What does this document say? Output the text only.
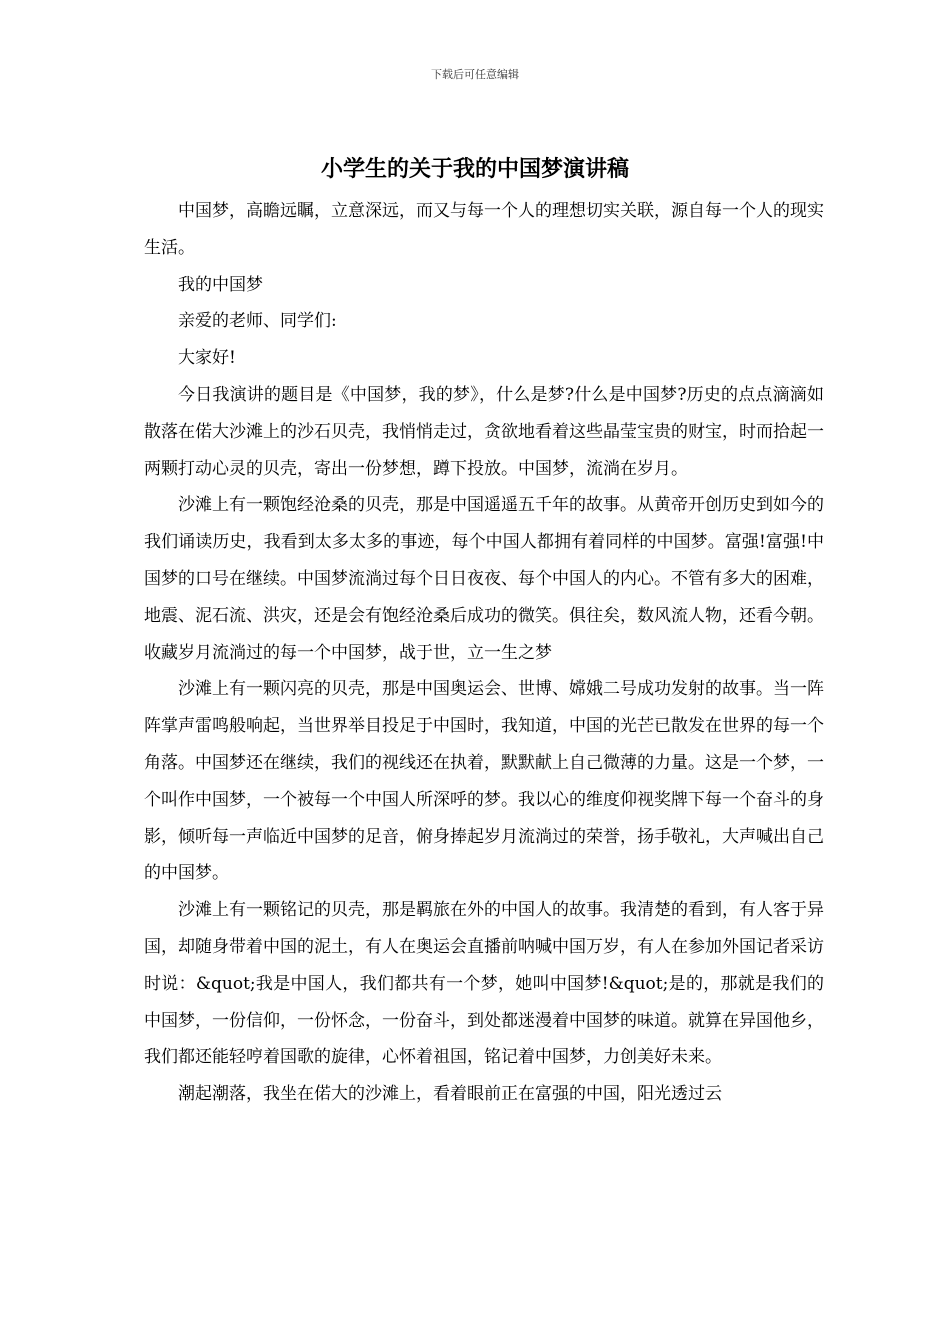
下载后可任意编辑
小学生的关于我的中国梦演讲稿

中国梦，高瞻远瞩，立意深远，而又与每一个人的理想切实关联，源自每一个人的现实生活。

我的中国梦

亲爱的老师、同学们:

大家好!

今日我演讲的题目是《中国梦，我的梦》，什么是梦?什么是中国梦?历史的点点滴滴如散落在偌大沙滩上的沙石贝壳，我悄悄走过，贪欲地看着这些晶莹宝贵的财宝，时而拾起一两颗打动心灵的贝壳，寄出一份梦想，蹲下投放。中国梦，流淌在岁月。

沙滩上有一颗饱经沧桑的贝壳，那是中国遥遥五千年的故事。从黄帝开创历史到如今的我们诵读历史，我看到太多太多的事迹，每个中国人都拥有着同样的中国梦。富强!富强!中国梦的口号在继续。中国梦流淌过每个日日夜夜、每个中国人的内心。不管有多大的困难，地震、泥石流、洪灾，还是会有饱经沧桑后成功的微笑。俱往矣，数风流人物，还看今朝。收藏岁月流淌过的每一个中国梦，战于世，立一生之梦

沙滩上有一颗闪亮的贝壳，那是中国奥运会、世博、嫦娥二号成功发射的故事。当一阵阵掌声雷鸣般响起，当世界举目投足于中国时，我知道，中国的光芒已散发在世界的每一个角落。中国梦还在继续，我们的视线还在执着，默默献上自己微薄的力量。这是一个梦，一个叫作中国梦，一个被每一个中国人所深呼的梦。我以心的维度仰视奖牌下每一个奋斗的身影，倾听每一声临近中国梦的足音，俯身捧起岁月流淌过的荣誉，扬手敬礼，大声喊出自己的中国梦。

沙滩上有一颗铭记的贝壳，那是羁旅在外的中国人的故事。我清楚的看到，有人客于异国，却随身带着中国的泥土，有人在奥运会直播前呐喊中国万岁，有人在参加外国记者采访时说：&quot;我是中国人，我们都共有一个梦，她叫中国梦!&quot;是的，那就是我们的中国梦，一份信仰，一份怀念，一份奋斗，到处都迷漫着中国梦的味道。就算在异国他乡，我们都还能轻哼着国歌的旋律，心怀着祖国，铭记着中国梦，力创美好未来。

潮起潮落，我坐在偌大的沙滩上，看着眼前正在富强的中国，阳光透过云
